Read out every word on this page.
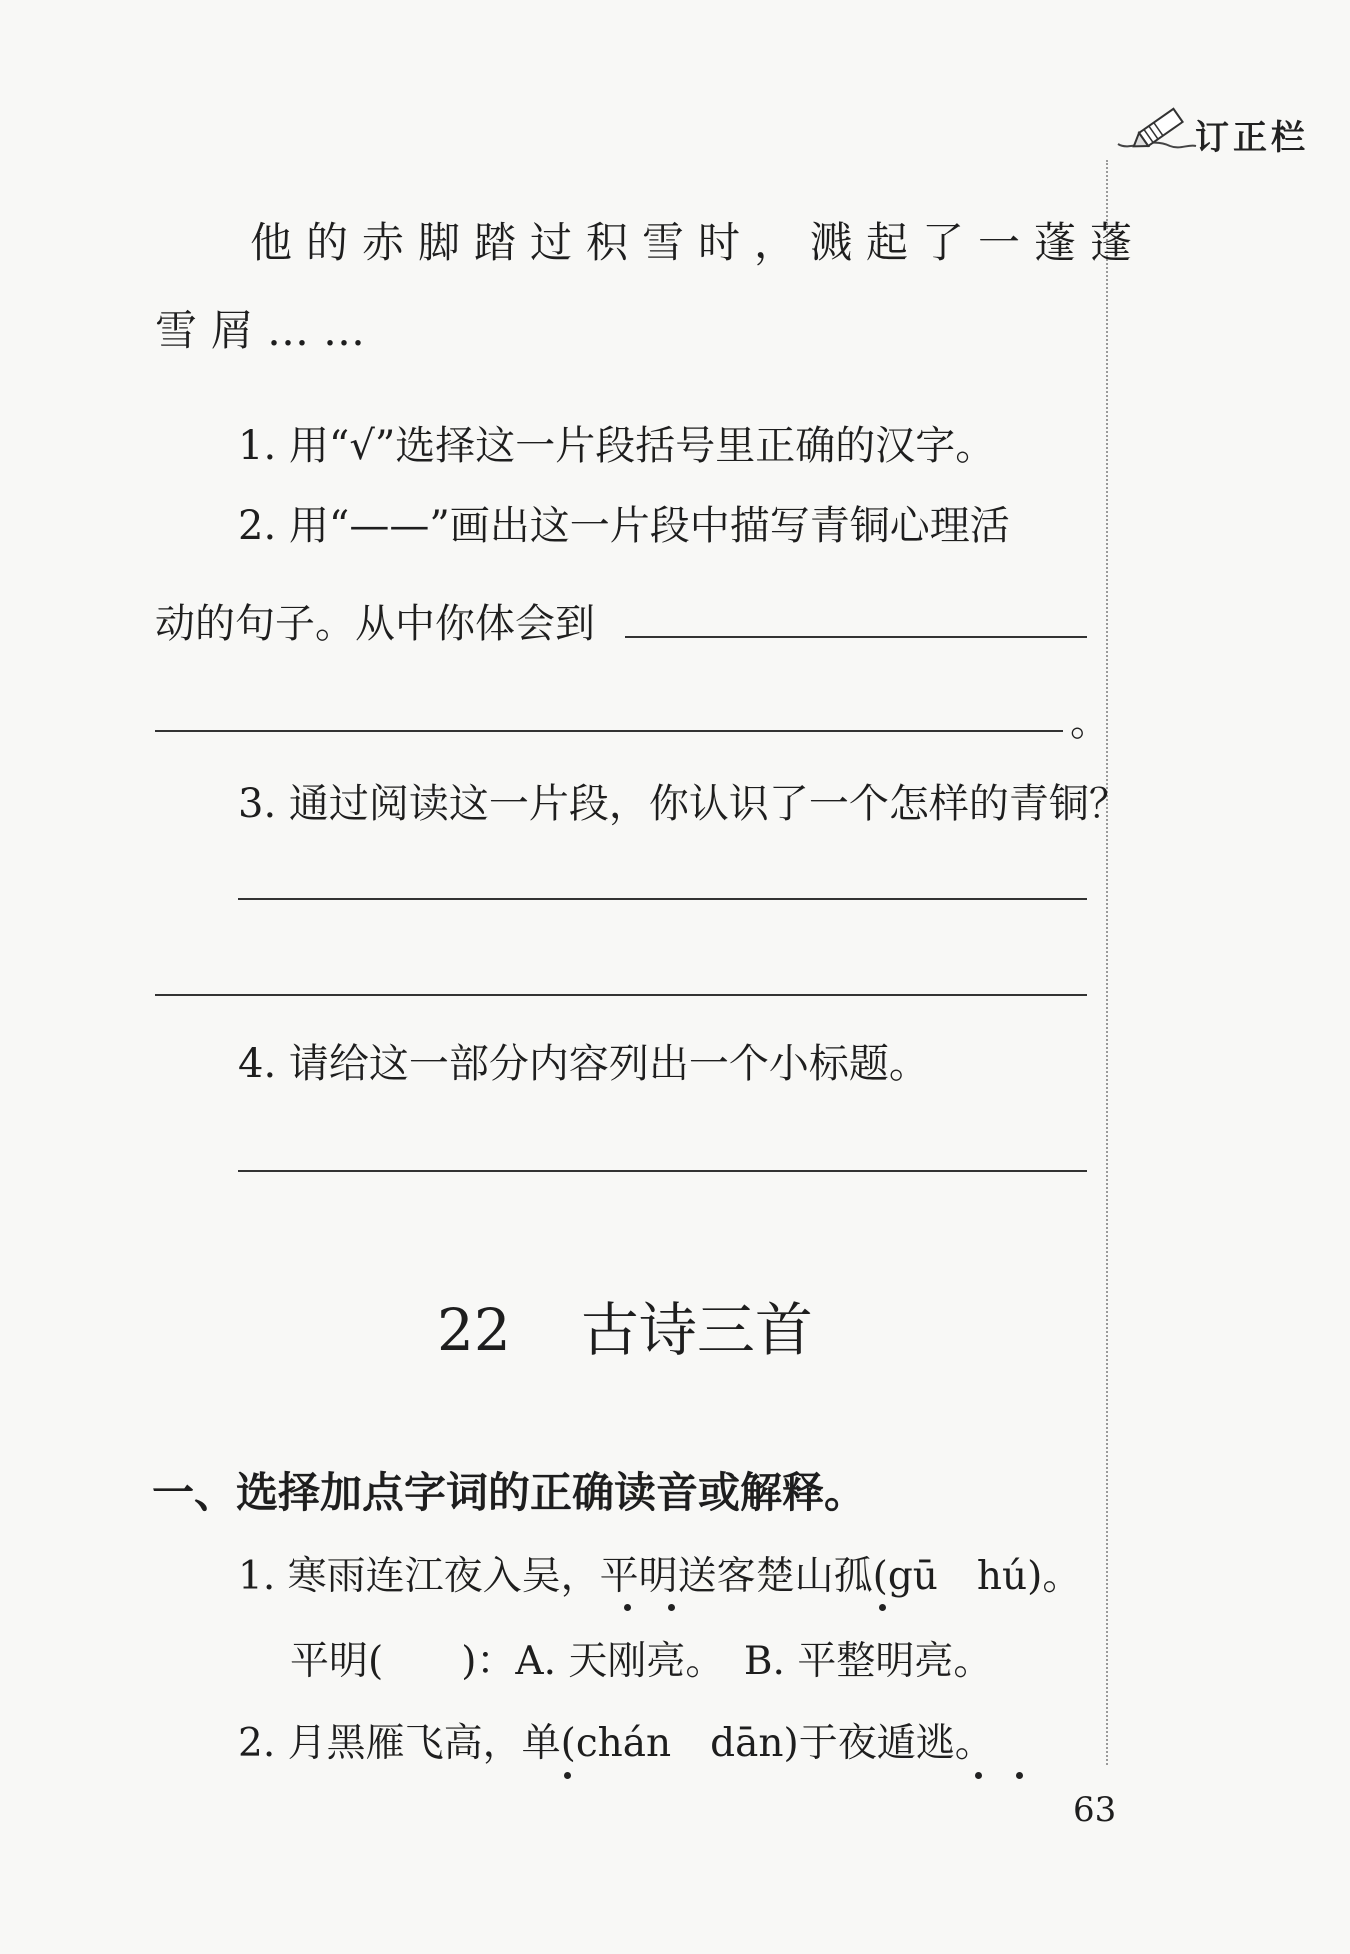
订正栏
他的赤脚踏过积雪时，溅起了一蓬蓬
雪屑……
1. 用“√”选择这一片段括号里正确的汉字。
2. 用“——”画出这一片段中描写青铜心理活
动的句子。从中你体会到
。
3. 通过阅读这一片段，你认识了一个怎样的青铜？
4. 请给这一部分内容列出一个小标题。
22 古诗三首
一、选择加点字词的正确读音或解释。
1. 寒雨连江夜入吴，平明送客楚山孤(gū　hú)。
平明(　　)：A. 天刚亮。　B. 平整明亮。
2. 月黑雁飞高，单(chán　dān)于夜遁逃。
63
